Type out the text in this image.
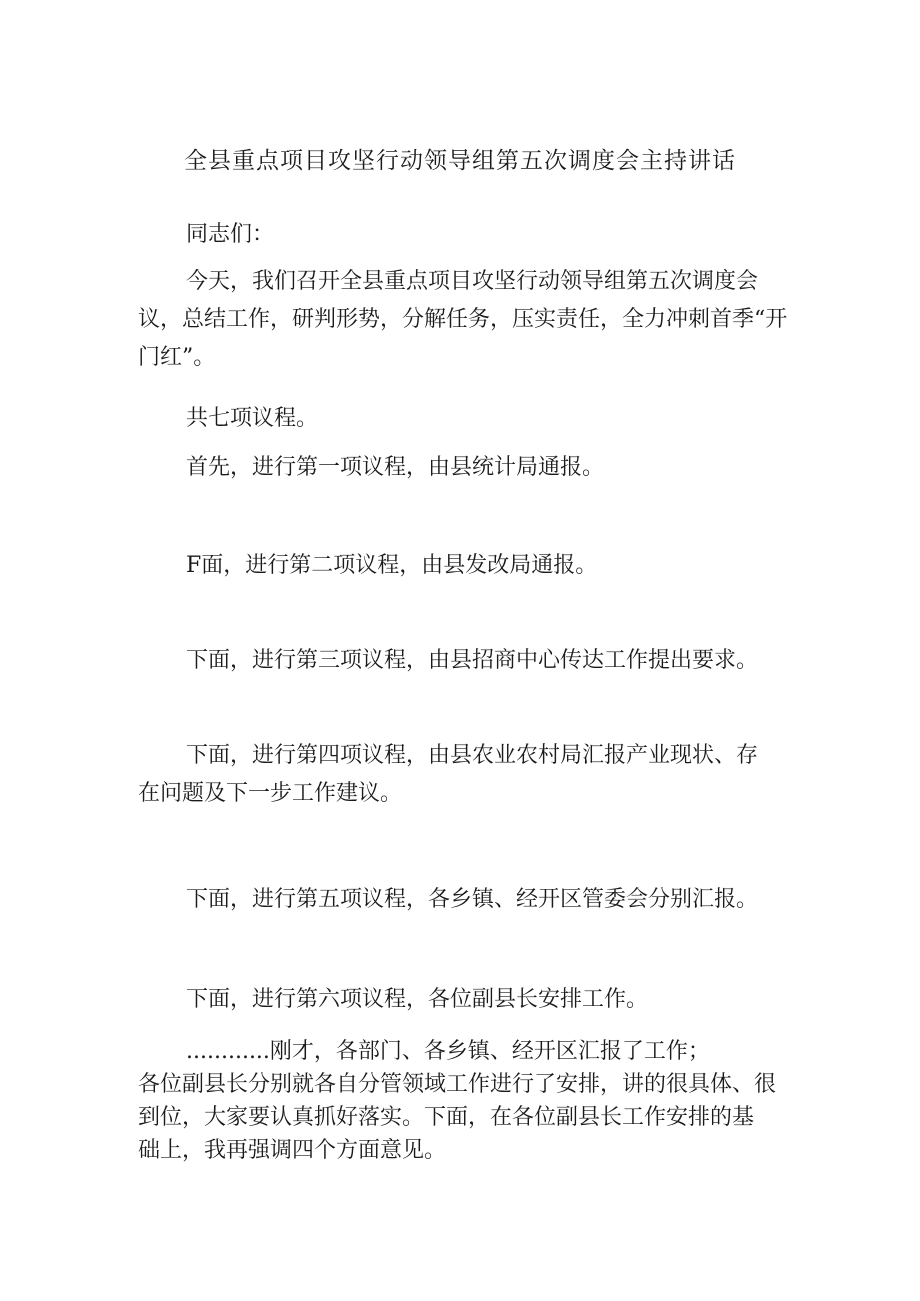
全县重点项目攻坚行动领导组第五次调度会主持讲话
同志们：
今天，我们召开全县重点项目攻坚行动领导组第五次调度会
议，总结工作，研判形势，分解任务，压实责任，全力冲刺首季“开
门红”。
共七项议程。
首先，进行第一项议程，由县统计局通报。
F面，进行第二项议程，由县发改局通报。
下面，进行第三项议程，由县招商中心传达工作提出要求。
下面，进行第四项议程，由县农业农村局汇报产业现状、存
在问题及下一步工作建议。
下面，进行第五项议程，各乡镇、经开区管委会分别汇报。
下面，进行第六项议程，各位副县长安排工作。
............刚才，各部门、各乡镇、经开区汇报了工作；
各位副县长分别就各自分管领域工作进行了安排，讲的很具体、很
到位，大家要认真抓好落实。下面，在各位副县长工作安排的基
础上，我再强调四个方面意见。
